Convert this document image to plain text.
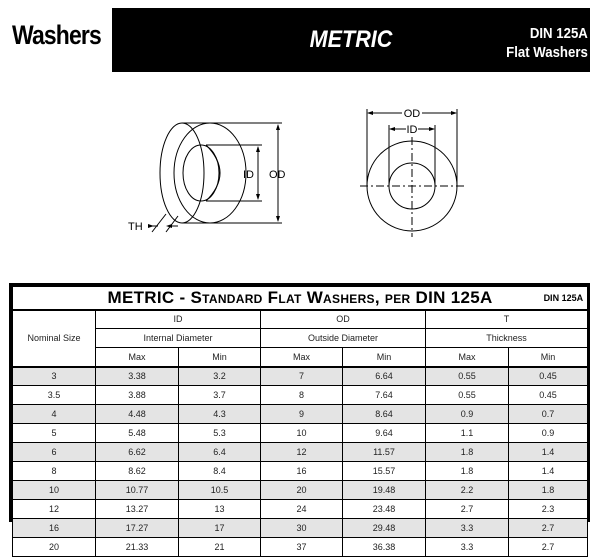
Washers	METRIC	DIN 125A
Flat Washers
ID OD
TH
OD
ID
METRIC - Standard Flat Washers, per DIN 125A DIN 125A						

Nominal Size	ID		OD		T	
	Internal Diameter		Outside Diameter		Thickness	
	Max	Min	Max	Min	Max	Min
3	3.38	3.2	7	6.64	0.55	0.45
3.5	3.88	3.7	8	7.64	0.55	0.45
4	4.48	4.3	9	8.64	0.9	0.7
5	5.48	5.3	10	9.64	1.1	0.9
6	6.62	6.4	12	11.57	1.8	1.4
8	8.62	8.4	16	15.57	1.8	1.4
10	10.77	10.5	20	19.48	2.2	1.8
12	13.27	13	24	23.48	2.7	2.3
16	17.27	17	30	29.48	3.3	2.7
20	21.33	21	37	36.38	3.3	2.7
